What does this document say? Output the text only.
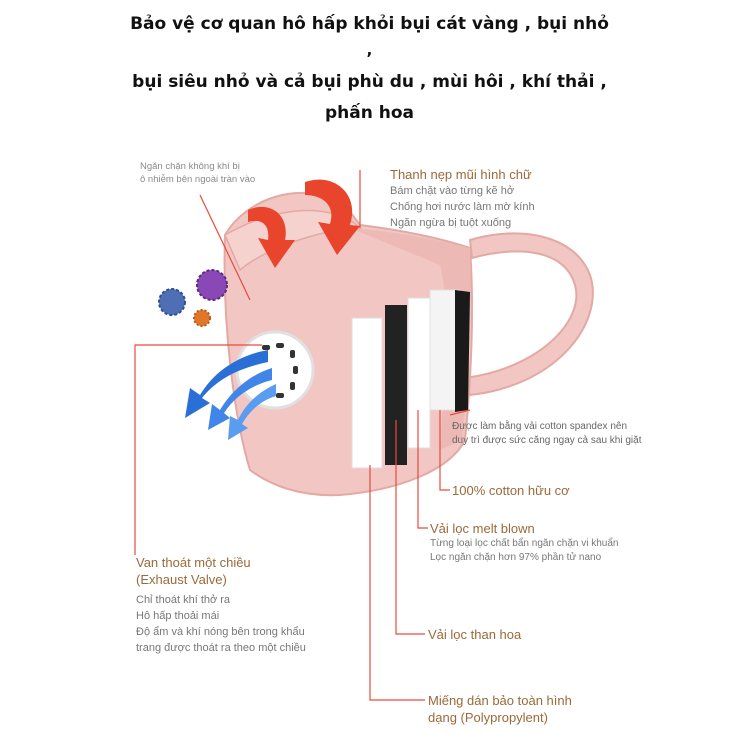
Bảo vệ cơ quan hô hấp khỏi bụi cát vàng , bụi nhỏ
,
bụi siêu nhỏ và cả bụi phù du , mùi hôi , khí thải ,
phấn hoa
Ngăn chặn không khí bị
ô nhiễm bên ngoài tràn vào	Thanh nẹp mũi hình chữ
Bám chặt vào từng kẽ hở
Chống hơi nước làm mờ kính
Ngăn ngừa bị tuột xuống
Được làm bằng vải cotton spandex nên
duy trì được sức căng ngay cả sau khi giặt
100% cotton hữu cơ
Vải lọc melt blown
Từng loại lọc chất bẩn ngăn chặn vi khuẩn
Lọc ngăn chặn hơn 97% phần tử nano
Van thoát một chiều
(Exhaust Valve)
Chỉ thoát khí thở ra
Hô hấp thoải mái
Độ ẩm và khí nóng bên trong khẩu
trang được thoát ra theo một chiều
Vải lọc than hoa
Miếng dán bảo toàn hình
dạng (Polypropylent)
